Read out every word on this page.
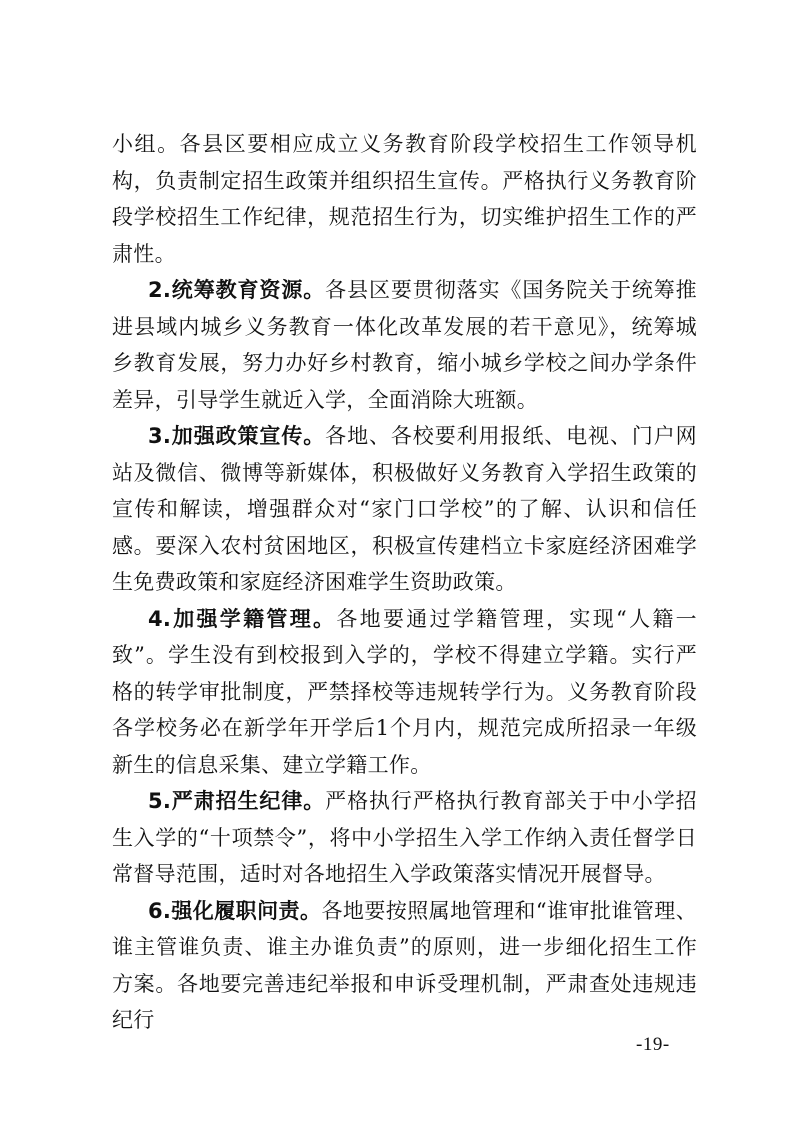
小组。各县区要相应成立义务教育阶段学校招生工作领导机构，负责制定招生政策并组织招生宣传。严格执行义务教育阶段学校招生工作纪律，规范招生行为，切实维护招生工作的严肃性。

2.统筹教育资源。各县区要贯彻落实《国务院关于统筹推进县域内城乡义务教育一体化改革发展的若干意见》，统筹城乡教育发展，努力办好乡村教育，缩小城乡学校之间办学条件差异，引导学生就近入学，全面消除大班额。

3.加强政策宣传。各地、各校要利用报纸、电视、门户网站及微信、微博等新媒体，积极做好义务教育入学招生政策的宣传和解读，增强群众对“家门口学校”的了解、认识和信任感。要深入农村贫困地区，积极宣传建档立卡家庭经济困难学生免费政策和家庭经济困难学生资助政策。

4.加强学籍管理。各地要通过学籍管理，实现“人籍一致”。学生没有到校报到入学的，学校不得建立学籍。实行严格的转学审批制度，严禁择校等违规转学行为。义务教育阶段各学校务必在新学年开学后1个月内，规范完成所招录一年级新生的信息采集、建立学籍工作。

5.严肃招生纪律。严格执行严格执行教育部关于中小学招生入学的“十项禁令”，将中小学招生入学工作纳入责任督学日常督导范围，适时对各地招生入学政策落实情况开展督导。

6.强化履职问责。各地要按照属地管理和“谁审批谁管理、谁主管谁负责、谁主办谁负责”的原则，进一步细化招生工作方案。各地要完善违纪举报和申诉受理机制，严肃查处违规违纪行

-19-
